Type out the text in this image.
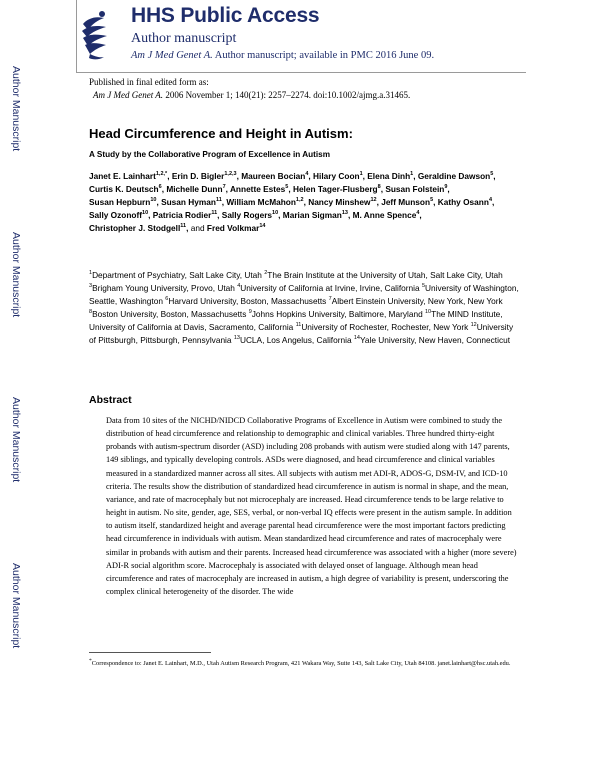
Author Manuscript
Author Manuscript
Author Manuscript
Author Manuscript
HHS Public Access
Author manuscript
Am J Med Genet A. Author manuscript; available in PMC 2016 June 09.
Published in final edited form as:
Am J Med Genet A. 2006 November 1; 140(21): 2257–2274. doi:10.1002/ajmg.a.31465.
Head Circumference and Height in Autism:
A Study by the Collaborative Program of Excellence in Autism
Janet E. Lainhart$^{1,2,*}$, Erin D. Bigler$^{1,2,3}$, Maureen Bocian$^4$, Hilary Coon$^1$, Elena Dinh$^1$, Geraldine Dawson$^5$, Curtis K. Deutsch$^6$, Michelle Dunn$^7$, Annette Estes$^5$, Helen Tager-Flusberg$^8$, Susan Folstein$^9$, Susan Hepburn$^{10}$, Susan Hyman$^{11}$, William McMahon$^{1,2}$, Nancy Minshew$^{12}$, Jeff Munson$^5$, Kathy Osann$^4$, Sally Ozonoff$^{10}$, Patricia Rodier$^{11}$, Sally Rogers$^{10}$, Marian Sigman$^{13}$, M. Anne Spence$^4$, Christopher J. Stodgell$^{11}$, and Fred Volkmar$^{14}$
$^1$Department of Psychiatry, Salt Lake City, Utah $^2$The Brain Institute at the University of Utah, Salt Lake City, Utah $^3$Brigham Young University, Provo, Utah $^4$University of California at Irvine, Irvine, California $^5$University of Washington, Seattle, Washington $^6$Harvard University, Boston, Massachusetts $^7$Albert Einstein University, New York, New York $^8$Boston University, Boston, Massachusetts $^9$Johns Hopkins University, Baltimore, Maryland $^{10}$The MIND Institute, University of California at Davis, Sacramento, California $^{11}$University of Rochester, Rochester, New York $^{12}$University of Pittsburgh, Pittsburgh, Pennsylvania $^{13}$UCLA, Los Angelus, California $^{14}$Yale University, New Haven, Connecticut
Abstract
Data from 10 sites of the NICHD/NIDCD Collaborative Programs of Excellence in Autism were combined to study the distribution of head circumference and relationship to demographic and clinical variables. Three hundred thirty-eight probands with autism-spectrum disorder (ASD) including 208 probands with autism were studied along with 147 parents, 149 siblings, and typically developing controls. ASDs were diagnosed, and head circumference and clinical variables measured in a standardized manner across all sites. All subjects with autism met ADI-R, ADOS-G, DSM-IV, and ICD-10 criteria. The results show the distribution of standardized head circumference in autism is normal in shape, and the mean, variance, and rate of macrocephaly but not microcephaly are increased. Head circumference tends to be large relative to height in autism. No site, gender, age, SES, verbal, or non-verbal IQ effects were present in the autism sample. In addition to autism itself, standardized height and average parental head circumference were the most important factors predicting head circumference in individuals with autism. Mean standardized head circumference and rates of macrocephaly were similar in probands with autism and their parents. Increased head circumference was associated with a higher (more severe) ADI-R social algorithm score. Macrocephaly is associated with delayed onset of language. Although mean head circumference and rates of macrocephaly are increased in autism, a high degree of variability is present, underscoring the complex clinical heterogeneity of the disorder. The wide
*Correspondence to: Janet E. Lainhart, M.D., Utah Autism Research Program, 421 Wakara Way, Suite 143, Salt Lake City, Utah 84108. janet.lainhart@hsc.utah.edu.
